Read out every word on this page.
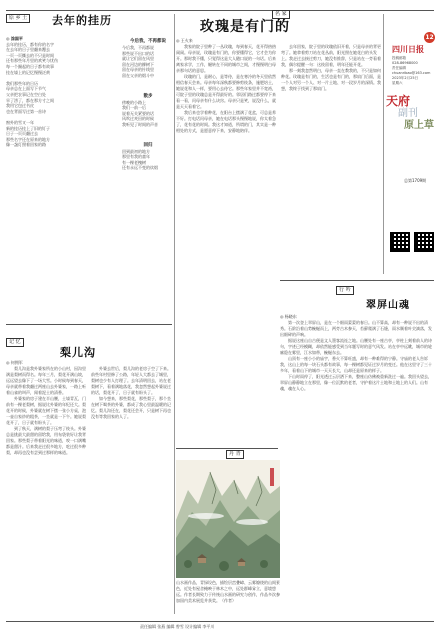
原 乡 土 去年的挂历
◎ 涂国平
去年的挂历，都有你的名字
在去年的日子里翻来覆去
一页一页撕去的不只是时间
还有那些年月里的欢笑与忧伤
每一个圈起的日子都有故事
挂在墙上的记忆慢慢泛黄

我们那些年的日历
母亲总在上面写下节气
父亲把农事记在空白处
旱了涝了，都在那方寸之间
我用它包过书皮
也在背面写过第一首诗

窗外的雪又一年
新的挂历挂上了旧的钉子
日子一页页翻过去
那些名字还在原来的地方
像一盏灯照着回家的路
今后我，不再都说
今后我，不再都说
那些说不出口的话
就让它们留在风里
留在河边的柳树下
留在母亲的针线里
留在父亲的烟斗中
散步
傍晚的小路上
我们一前一后
说着无关紧要的话
风吹过麦田的时候
我听见了时间的声音
回归
回到最初的地方
那里有我的童年
有一棵老槐树
还有永远不变的炊烟
名 家
玫瑰是有门的
◎ 王火来

我家的院子里种了一丛玫瑰，每到春天，花开得热热闹闹。母亲说，玫瑰是有门的，你要懂得它，它才会为你开。那时我不懂，只觉得这是大人随口说的一句话。后来离家求学，工作，辗转在不同的城市之间，才慢慢明白母亲那句话的意思。

玫瑰的门，是耐心，是等待，是在寒冷的冬天里依然相信春天会来。母亲每年深秋都要修剪枝条，施肥培土，她说花和人一样，要用心去待它。那些年家里并不宽裕，可院子里的玫瑰总是开得最好的。邻居们路过都要停下来看一看，问母亲有什么诀窍。母亲只是笑，说没什么，就是天天看着它。

我后来也学着种花，在阳台上摆满了花盆，可总是养不好。打电话问母亲，她在电话那头慢慢地说，你太着急了，花有花的时间。我这才知道，所谓的门，其实是一种相处的方式，是愿意停下来，安静地陪伴。

去年回家，院子里的玫瑰依旧开着，只是母亲的背更弯了。她拿着剪刀站在花丛前，阳光照在她花白的头发上。我走过去接过剪刀，她没有推辞，只是站在一旁看着我，偶尔提醒一句：这枝留着，明年还能开花。

那一刻我忽然明白，母亲一直在教我的，不只是如何种花。玫瑰是有门的，生活也是有门的，那扇门后面，是一个人对另一个人、对一片土地、对一段岁月的深情。我想，我终于找到了那扇门。

12
四川日报
投稿邮箱
028-86968000
责任编辑
chuanribao@163.com
2023年2月25日
星期六
天府
副刊
原上草
总第1709期
行 吟
翠屏山魂
◎ 杨晓东

第一次登上翠屏山，是在一个细雨蒙蒙的春日。山不算高，却有一种说不出的清秀。石阶沿着山势蜿蜒而上，两旁古木参天，苔藓爬满了石缝，雨水顺着叶尖滴落，发出细碎的声响。

据说这座山自古便是文人墨客流连之地。山腰处有一座古亭，亭柱上刻着前人的诗句，字迹已经模糊，却依然能感受到当年题写时的意气风发。站在亭中远眺，城市的轮廓隐在雾里，江水如带，蜿蜒东去。

山顶有一座小小的庙宇，香火不算旺盛，却有一种难得的宁静。守庙的老人告诉我，这山上的每一块石头都有故事，每一棵树都见证过岁月的变迁。他在这里守了三十多年，看着山下的城市一天天长大，山却还是原来的样子。

下山时雨停了，阳光透过云层洒下来，整座山仿佛被重新洗过一遍。我回头望去，翠屏山静静地立在那里，像一位沉默的老者，守护着这片土地和土地上的人们。山有魂，魂在人心。

记 忆
梨儿沟
◎ 何拥军

梨儿沟是我外婆家所在的小山村，因沟里满是梨树而得名。每年三月，梨花开满山坡，远远望去像下了一场大雪。小时候每到春天，母亲就带着我翻过两座山去外婆家，一路上听着山雀的叫声，闻着泥土的清香。

外婆家的房子建在半山腰，土墙青瓦，门前有一棵老梨树，据说比外婆的年纪还大。梨花开的时候，外婆就在树下摆一张小方桌，泡一壶自家炒的粗茶，一坐就是一下午。她说梨花开了，日子就有盼头了。

到了秋天，满树的梨子压弯了枝头。外婆总是挑最大最甜的留给我，用布袋装好让我背回家。那些梨子带着阳光的味道，咬一口满嘴都是甜汁。后来我走过很多地方，吃过很多种梨，却再也没有尝到过那样的味道。

外婆去世后，梨儿沟的老房子空了下来。前些年村里修了公路，年轻人大都去了城里，梨树也少有人打理了。去年清明回去，站在老梨树下，看着满地落花，我忽然想起外婆说过的话，梨花开了，日子就有盼头了。

如今想来，那些梨花，那些梨子，那个坐在树下喝茶的外婆，都成了我心里最温暖的记忆。梨儿沟还在，梨花还会开，只是树下再也没有等我回家的人了。

丹 青
山水画作品，青绿设色，描绘层峦叠嶂、云雾缭绕的山间景色，近处有屋舍掩映于林木之中，远处群峰耸立，意境悠远。作者长期致力于传统山水画的研究与创作，作品多次参加国内美术展览并获奖。（作者）
责任编辑 张燕 编辑 曾雪 设计编辑 李平川
